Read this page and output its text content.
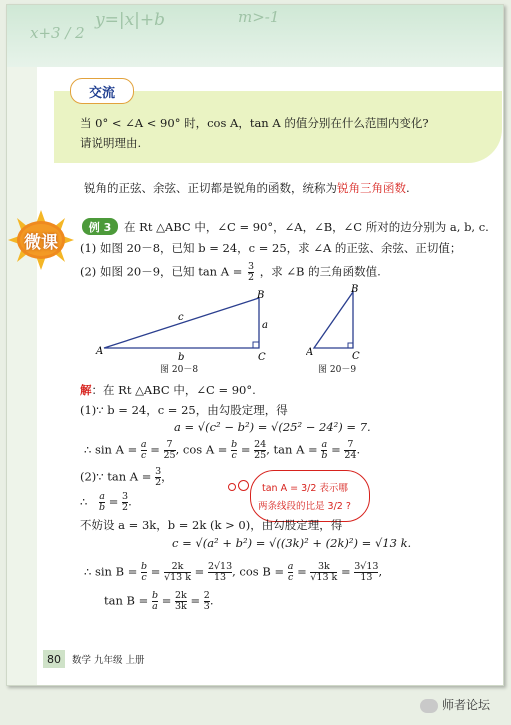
x+3 / 2
y=|x|+b	m>-1
交流
当 0° < ∠A < 90° 时，cos A，tan A 的值分别在什么范围内变化?
请说明理由.
锐角的正弦、余弦、正切都是锐角的函数，统称为锐角三角函数.
微课
例 3	在 Rt △ABC 中，∠C = 90°，∠A，∠B，∠C 所对的边分别为 a, b, c.
(1) 如图 20－8，已知 b = 24，c = 25，求 ∠A 的正弦、余弦、正切值；
(2) 如图 20－9，已知 $\tan A = \frac{3}{2}$ ，求 ∠B 的三角函数值.
A
C
B
a
b
c
图 20－8
A	C
B
图 20－9
解：在 Rt △ABC 中，∠C = 90°.
(1)∵ b = 24，c = 25，由勾股定理，得
a = √(c² − b²) = √(25² − 24²) = 7.
∴ $\sin A = \frac{a}{c} = \frac{7}{25}$ , $\cos A = \frac{b}{c} = \frac{24}{25}$ , $\tan A = \frac{a}{b} = \frac{7}{24}$ .
(2)∵ $\tan A = \frac{3}{2}$ ，
∴ $\frac{a}{b} = \frac{3}{2}$ .
tan A = 3/2 表示哪
两条线段的比是 3/2 ?
不妨设 a = 3k，b = 2k (k > 0)，由勾股定理，得
c = √(a² + b²) = √((3k)² + (2k)²) = √13 k.
∴ $\sin B = \frac{b}{c} = \frac{2k}{√13 k} = \frac{2√13}{13}$ , $\cos B = \frac{a}{c} = \frac{3k}{√13 k} = \frac{3√13}{13}$ ,
$\tan B = \frac{b}{a} = \frac{2k}{3k} = \frac{2}{3}$ .
80	数学 九年级 上册
师者论坛
